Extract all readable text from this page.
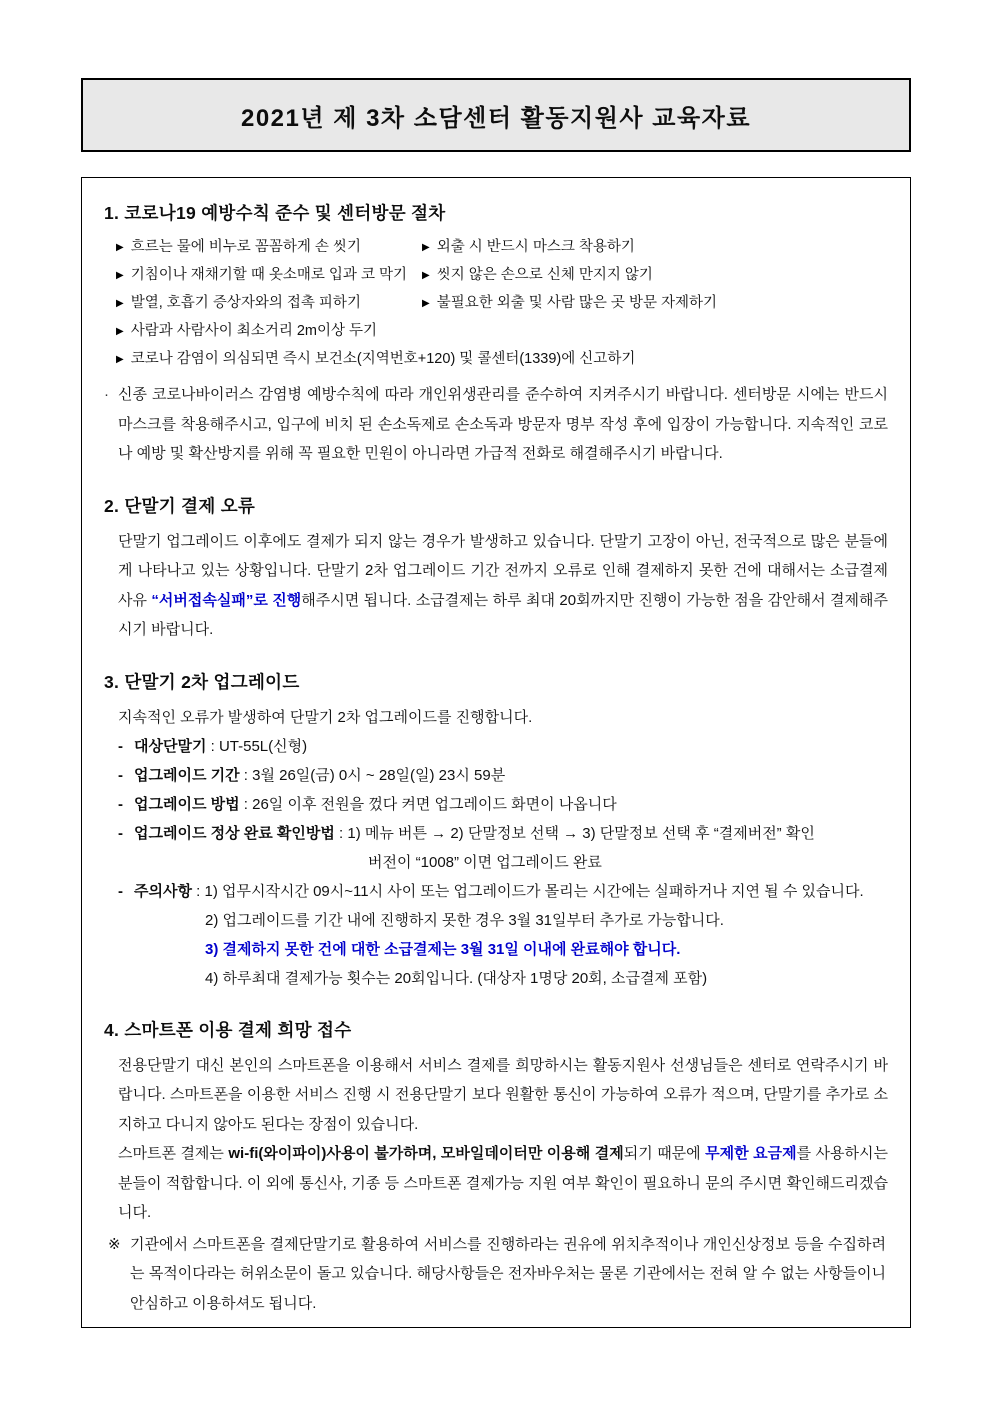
2021년 제 3차 소담센터 활동지원사 교육자료
1. 코로나19 예방수칙 준수 및 센터방문 절차
▶ 흐르는 물에 비누로 꼼꼼하게 손 씻기	▶ 외출 시 반드시 마스크 착용하기
▶ 기침이나 재채기할 때 옷소매로 입과 코 막기 ▶ 씻지 않은 손으로 신체 만지지 않기
▶ 발열, 호흡기 증상자와의 접촉 피하기	▶ 불필요한 외출 및 사람 많은 곳 방문 자제하기
▶ 사람과 사람사이 최소거리 2m이상 두기
▶ 코로나 감염이 의심되면 즉시 보건소(지역번호+120) 및 콜센터(1339)에 신고하기
· 신종 코로나바이러스 감염병 예방수칙에 따라 개인위생관리를 준수하여 지켜주시기 바랍니다. 센터방문 시에는 반드시 마스크를 착용해주시고, 입구에 비치 된 손소독제로 손소독과 방문자 명부 작성 후에 입장이 가능합니다. 지속적인 코로나 예방 및 확산방지를 위해 꼭 필요한 민원이 아니라면 가급적 전화로 해결해주시기 바랍니다.
2. 단말기 결제 오류

단말기 업그레이드 이후에도 결제가 되지 않는 경우가 발생하고 있습니다. 단말기 고장이 아닌, 전국적으로 많은 분들에게 나타나고 있는 상황입니다. 단말기 2차 업그레이드 기간 전까지 오류로 인해 결제하지 못한 건에 대해서는 소급결제 사유 “서버접속실패”로 진행해주시면 됩니다. 소급결제는 하루 최대 20회까지만 진행이 가능한 점을 감안해서 결제해주시기 바랍니다.

3. 단말기 2차 업그레이드
지속적인 오류가 발생하여 단말기 2차 업그레이드를 진행합니다.
- 대상단말기 : UT-55L(신형)
- 업그레이드 기간 : 3월 26일(금) 0시 ~ 28일(일) 23시 59분
- 업그레이드 방법 : 26일 이후 전원을 껐다 켜면 업그레이드 화면이 나옵니다
- 업그레이드 정상 완료 확인방법 : 1) 메뉴 버튼 → 2) 단말정보 선택 → 3) 단말정보 선택 후 “결제버전” 확인
버전이 “1008” 이면 업그레이드 완료
- 주의사항 : 1) 업무시작시간 09시~11시 사이 또는 업그레이드가 몰리는 시간에는 실패하거나 지연 될 수 있습니다.
2) 업그레이드를 기간 내에 진행하지 못한 경우 3월 31일부터 추가로 가능합니다.
3) 결제하지 못한 건에 대한 소급결제는 3월 31일 이내에 완료해야 합니다.
4) 하루최대 결제가능 횟수는 20회입니다. (대상자 1명당 20회, 소급결제 포함)
4. 스마트폰 이용 결제 희망 접수

전용단말기 대신 본인의 스마트폰을 이용해서 서비스 결제를 희망하시는 활동지원사 선생님들은 센터로 연락주시기 바랍니다. 스마트폰을 이용한 서비스 진행 시 전용단말기 보다 원활한 통신이 가능하여 오류가 적으며, 단말기를 추가로 소지하고 다니지 않아도 된다는 장점이 있습니다.

스마트폰 결제는 wi-fi(와이파이)사용이 불가하며, 모바일데이터만 이용해 결제되기 때문에 무제한 요금제를 사용하시는 분들이 적합합니다. 이 외에 통신사, 기종 등 스마트폰 결제가능 지원 여부 확인이 필요하니 문의 주시면 확인해드리겠습니다.

※ 기관에서 스마트폰을 결제단말기로 활용하여 서비스를 진행하라는 권유에 위치추적이나 개인신상정보 등을 수집하려는 목적이다라는 허위소문이 돌고 있습니다. 해당사항들은 전자바우처는 물론 기관에서는 전혀 알 수 없는 사항들이니 안심하고 이용하셔도 됩니다.
